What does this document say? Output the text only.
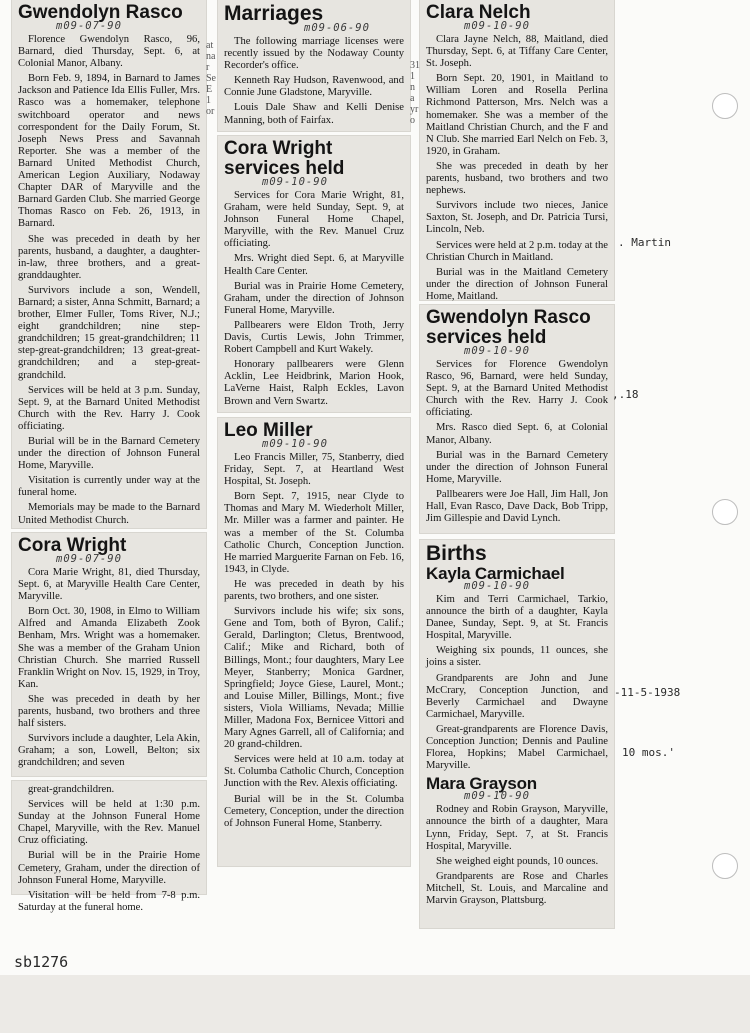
Gwendolyn Rasco
m09-07-90

Florence Gwendolyn Rasco, 96, Barnard, died Thursday, Sept. 6, at Colonial Manor, Albany.

Born Feb. 9, 1894, in Barnard to James Jackson and Patience Ida Ellis Fuller, Mrs. Rasco was a homemaker, telephone switchboard operator and news correspondent for the Daily Forum, St. Joseph News Press and Savannah Reporter. She was a member of the Barnard United Methodist Church, American Legion Auxiliary, Nodaway Chapter DAR of Maryville and the Barnard Garden Club. She married George Thomas Rasco on Feb. 26, 1913, in Barnard.

She was preceded in death by her parents, husband, a daughter, a daughter-in-law, three brothers, and a great-granddaughter.

Survivors include a son, Wendell, Barnard; a sister, Anna Schmitt, Barnard; a brother, Elmer Fuller, Toms River, N.J.; eight grandchildren; nine step-grandchildren; 15 great-grandchildren; 11 step-great-grandchildren; 13 great-great-grandchildren; and a step-great-grandchild.

Services will be held at 3 p.m. Sunday, Sept. 9, at the Barnard United Methodist Church with the Rev. Harry J. Cook officiating.

Burial will be in the Barnard Cemetery under the direction of Johnson Funeral Home, Maryville.

Visitation is currently under way at the funeral home.

Memorials may be made to the Barnard United Methodist Church.

Cora Wright
m09-07-90

Cora Marie Wright, 81, died Thursday, Sept. 6, at Maryville Health Care Center, Maryville.

Born Oct. 30, 1908, in Elmo to William Alfred and Amanda Elizabeth Zook Benham, Mrs. Wright was a homemaker. She was a member of the Graham Union Christian Church. She married Russell Franklin Wright on Nov. 15, 1929, in Troy, Kan.

She was preceded in death by her parents, husband, two brothers and three half sisters.

Survivors include a daughter, Lela Akin, Graham; a son, Lowell, Belton; six grandchildren; and seven

great-grandchildren.

Services will be held at 1:30 p.m. Sunday at the Johnson Funeral Home Chapel, Maryville, with the Rev. Manuel Cruz officiating.

Burial will be in the Prairie Home Cemetery, Graham, under the direction of Johnson Funeral Home, Maryville.

Visitation will be held from 7-8 p.m. Saturday at the funeral home.

Marriages
m09-06-90

The following marriage licenses were recently issued by the Nodaway County Recorder's office.

Kenneth Ray Hudson, Ravenwood, and Connie June Gladstone, Maryville.

Louis Dale Shaw and Kelli Denise Manning, both of Fairfax.

Cora Wright services held
m09-10-90

Services for Cora Marie Wright, 81, Graham, were held Sunday, Sept. 9, at Johnson Funeral Home Chapel, Maryville, with the Rev. Manuel Cruz officiating.

Mrs. Wright died Sept. 6, at Maryville Health Care Center.

Burial was in Prairie Home Cemetery, Graham, under the direction of Johnson Funeral Home, Maryville.

Pallbearers were Eldon Troth, Jerry Davis, Curtis Lewis, John Trimmer, Robert Campbell and Kurt Wakely.

Honorary pallbearers were Glenn Acklin, Lee Heidbrink, Marion Hook, LaVerne Haist, Ralph Eckles, Lavon Brown and Vern Swartz.

Leo Miller
m09-10-90

Leo Francis Miller, 75, Stanberry, died Friday, Sept. 7, at Heartland West Hospital, St. Joseph.

Born Sept. 7, 1915, near Clyde to Thomas and Mary M. Wiederholt Miller, Mr. Miller was a farmer and painter. He was a member of the St. Columba Catholic Church, Conception Junction. He married Marguerite Farnan on Feb. 16, 1943, in Clyde.

He was preceded in death by his parents, two brothers, and one sister.

Survivors include his wife; six sons, Gene and Tom, both of Byron, Calif.; Gerald, Darlington; Cletus, Brentwood, Calif.; Mike and Richard, both of Billings, Mont.; four daughters, Mary Lee Meyer, Stanberry; Monica Gardner, Springfield; Joyce Giese, Laurel, Mont.; and Louise Miller, Billings, Mont.; five sisters, Viola Williams, Nevada; Millie Miller, Madona Fox, Bernicee Vittori and Mary Agnes Garrell, all of California; and 20 grand-children.

Services were held at 10 a.m. today at St. Columba Catholic Church, Conception Junction with the Rev. Alexis officiating.

Burial will be in the St. Columba Cemetery, Conception, under the direction of Johnson Funeral Home, Stanberry.

Clara Nelch
m09-10-90

Clara Jayne Nelch, 88, Maitland, died Thursday, Sept. 6, at Tiffany Care Center, St. Joseph.

Born Sept. 20, 1901, in Maitland to William Loren and Rosella Perlina Richmond Patterson, Mrs. Nelch was a homemaker. She was a member of the Maitland Christian Church, and the F and N Club. She married Earl Nelch on Feb. 3, 1920, in Graham.

She was preceded in death by her parents, husband, two brothers and two nephews.

Survivors include two nieces, Janice Saxton, St. Joseph, and Dr. Patricia Tursi, Lincoln, Neb.

Services were held at 2 p.m. today at the Christian Church in Maitland.

Burial was in the Maitland Cemetery under the direction of Johnson Funeral Home, Maitland.

Gwendolyn Rasco services held
m09-10-90

Services for Florence Gwendolyn Rasco, 96, Barnard, were held Sunday, Sept. 9, at the Barnard United Methodist Church with the Rev. Harry J. Cook officiating.

Mrs. Rasco died Sept. 6, at Colonial Manor, Albany.

Burial was in the Barnard Cemetery under the direction of Johnson Funeral Home, Maryville.

Pallbearers were Joe Hall, Jim Hall, Jon Hall, Evan Rasco, Dave Dack, Bob Tripp, Jim Gillespie and David Lynch.

Births
Kayla Carmichael
m09-10-90

Kim and Terri Carmichael, Tarkio, announce the birth of a daughter, Kayla Danee, Sunday, Sept. 9, at St. Francis Hospital, Maryville.

Weighing six pounds, 11 ounces, she joins a sister.

Grandparents are John and June McCrary, Conception Junction, and Beverly Carmichael and Dwayne Carmichael, Maryville.

Great-grandparents are Florence Davis, Conception Junction; Dennis and Pauline Florea, Hopkins; Mabel Carmichael, Maryville.

Mara Grayson
m09-10-90

Rodney and Robin Grayson, Maryville, announce the birth of a daughter, Mara Lynn, Friday, Sept. 7, at St. Francis Hospital, Maryville.

She weighed eight pounds, 10 ounces.

Grandparents are Rose and Charles Mitchell, St. Louis, and Marcaline and Marvin Grayson, Plattsburg.

at
na
r
Se
E
1
or
31
1
n
a
yr
o
. Martin
,.18
-11-5-1938
10 mos.'
sb1276
